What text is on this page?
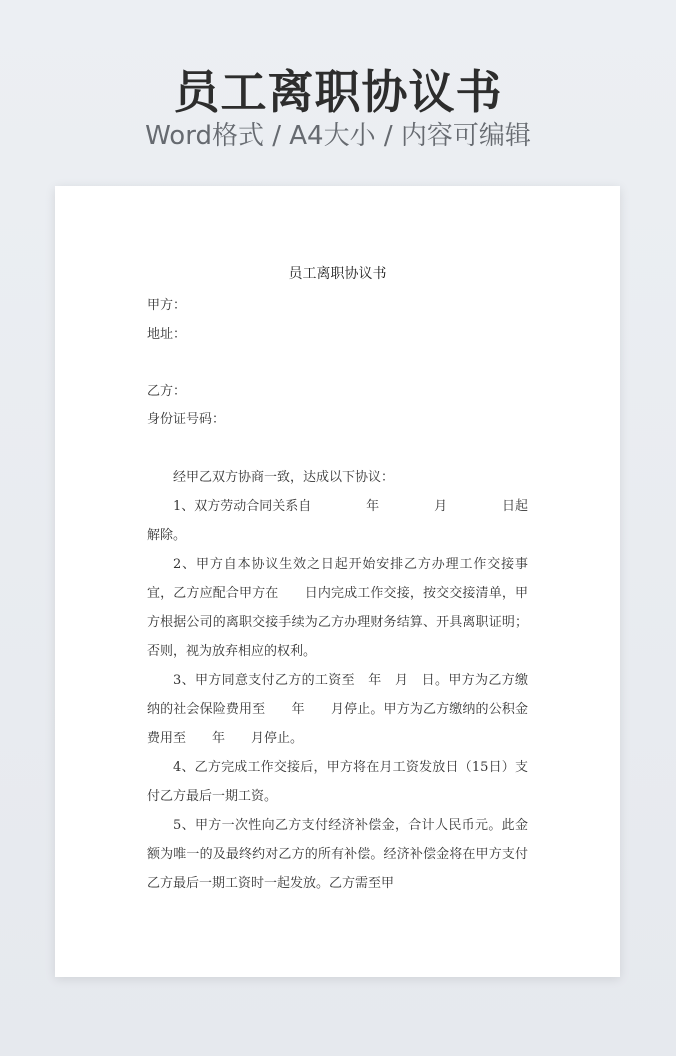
员工离职协议书
Word格式 / A4大小 / 内容可编辑
员工离职协议书
甲方：
地址：
乙方：
身份证号码：

经甲乙双方协商一致，达成以下协议：

1、双方劳动合同关系自	年	月	日起
解除。

2、甲方自本协议生效之日起开始安排乙方办理工作交接事宜，乙方应配合甲方在　　日内完成工作交接，按交交接清单，甲方根据公司的离职交接手续为乙方办理财务结算、开具离职证明；否则，视为放弃相应的权利。

3、甲方同意支付乙方的工资至　年　月　日。甲方为乙方缴纳的社会保险费用至　　年　　月停止。甲方为乙方缴纳的公积金费用至　　年　　月停止。

4、乙方完成工作交接后，甲方将在月工资发放日（15日）支付乙方最后一期工资。

5、甲方一次性向乙方支付经济补偿金，合计人民币元。此金额为唯一的及最终约对乙方的所有补偿。经济补偿金将在甲方支付乙方最后一期工资时一起发放。乙方需至甲
